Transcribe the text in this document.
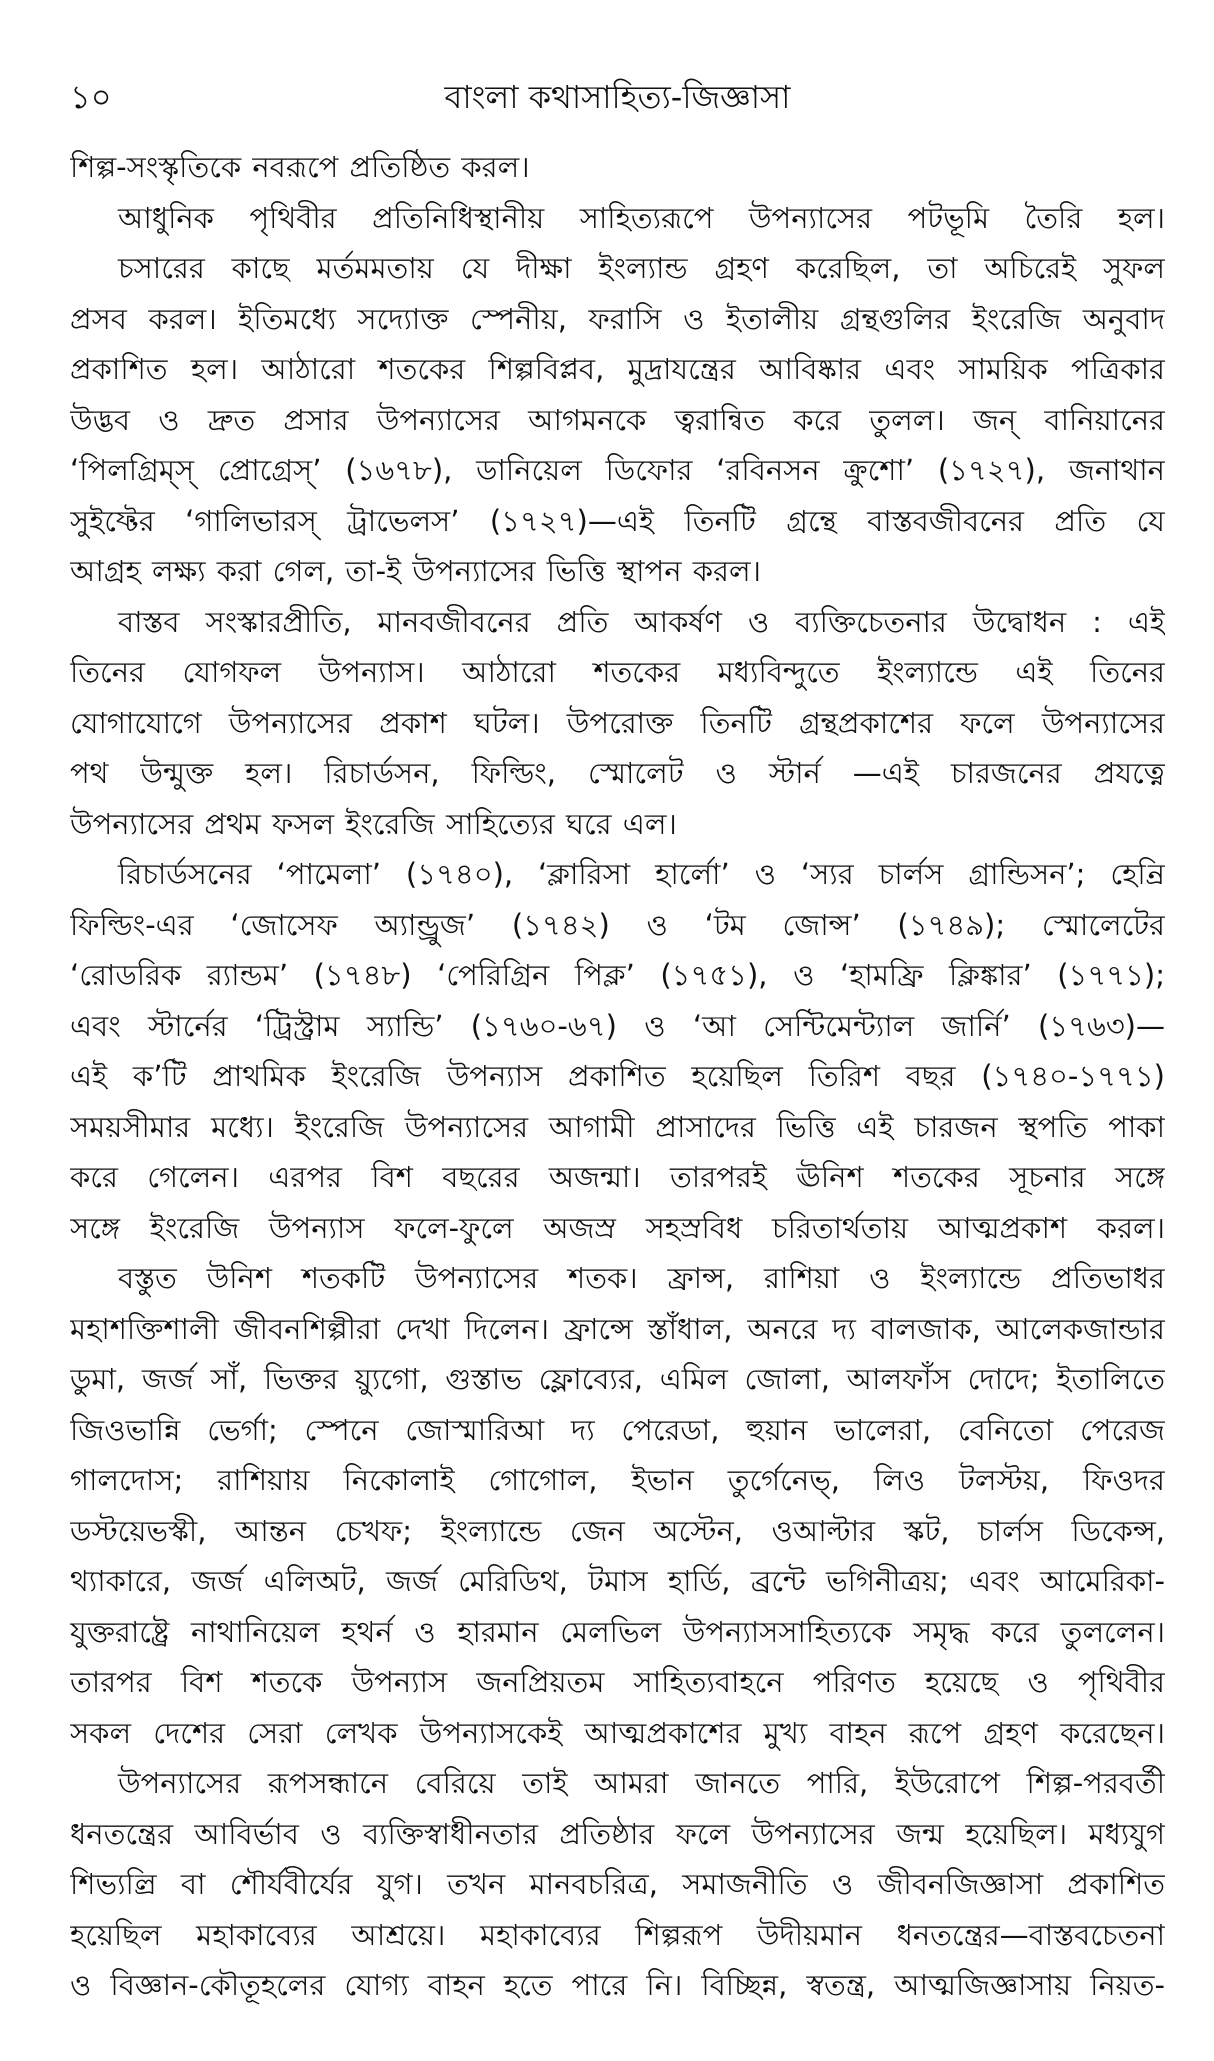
১০	বাংলা কথাসাহিত্য-জিজ্ঞাসা
শিল্প-সংস্কৃতিকে নবরূপে প্রতিষ্ঠিত করল।
আধুনিক পৃথিবীর প্রতিনিধিস্থানীয় সাহিত্যরূপে উপন্যাসের পটভূমি তৈরি হল।
চসারের কাছে মর্তমমতায় যে দীক্ষা ইংল্যান্ড গ্রহণ করেছিল, তা অচিরেই সুফল
প্রসব করল। ইতিমধ্যে সদ্যোক্ত স্পেনীয়, ফরাসি ও ইতালীয় গ্রন্থগুলির ইংরেজি অনুবাদ
প্রকাশিত হল। আঠারো শতকের শিল্পবিপ্লব, মুদ্রাযন্ত্রের আবিষ্কার এবং সাময়িক পত্রিকার
উদ্ভব ও দ্রুত প্রসার উপন্যাসের আগমনকে ত্বরান্বিত করে তুলল। জন্ বানিয়ানের
‘পিলগ্রিম্স্ প্রোগ্রেস্’ (১৬৭৮), ডানিয়েল ডিফোর ‘রবিনসন ক্রুশো’ (১৭২৭), জনাথান
সুইফ্টের ‘গালিভারস্ ট্রাভেলস’ (১৭২৭)—এই তিনটি গ্রন্থে বাস্তবজীবনের প্রতি যে
আগ্রহ লক্ষ্য করা গেল, তা-ই উপন্যাসের ভিত্তি স্থাপন করল।
বাস্তব সংস্কারপ্রীতি, মানবজীবনের প্রতি আকর্ষণ ও ব্যক্তিচেতনার উদ্বোধন : এই
তিনের যোগফল উপন্যাস। আঠারো শতকের মধ্যবিন্দুতে ইংল্যান্ডে এই তিনের
যোগাযোগে উপন্যাসের প্রকাশ ঘটল। উপরোক্ত তিনটি গ্রন্থপ্রকাশের ফলে উপন্যাসের
পথ উন্মুক্ত হল। রিচার্ডসন, ফিল্ডিং, স্মোলেট ও স্টার্ন —এই চারজনের প্রযত্নে
উপন্যাসের প্রথম ফসল ইংরেজি সাহিত্যের ঘরে এল।
রিচার্ডসনের ‘পামেলা’ (১৭৪০), ‘ক্লারিসা হার্লো’ ও ‘স্যর চার্লস গ্রান্ডিসন’; হেন্রি
ফিল্ডিং-এর ‘জোসেফ অ্যান্ড্রুজ’ (১৭৪২) ও ‘টম জোন্স’ (১৭৪৯); স্মোলেটের
‘রোডরিক র‍্যান্ডম’ (১৭৪৮) ‘পেরিগ্রিন পিক্ল’ (১৭৫১), ও ‘হামফ্রি ক্লিঙ্কার’ (১৭৭১);
এবং স্টার্নের ‘ট্রিস্ট্রাম স্যান্ডি’ (১৭৬০-৬৭) ও ‘আ সেন্টিমেন্ট্যাল জার্নি’ (১৭৬৩)—
এই ক’টি প্রাথমিক ইংরেজি উপন্যাস প্রকাশিত হয়েছিল তিরিশ বছর (১৭৪০-১৭৭১)
সময়সীমার মধ্যে। ইংরেজি উপন্যাসের আগামী প্রাসাদের ভিত্তি এই চারজন স্থপতি পাকা
করে গেলেন। এরপর বিশ বছরের অজন্মা। তারপরই ঊনিশ শতকের সূচনার সঙ্গে
সঙ্গে ইংরেজি উপন্যাস ফলে-ফুলে অজস্র সহস্রবিধ চরিতার্থতায় আত্মপ্রকাশ করল।
বস্তুত উনিশ শতকটি উপন্যাসের শতক। ফ্রান্স, রাশিয়া ও ইংল্যান্ডে প্রতিভাধর
মহাশক্তিশালী জীবনশিল্পীরা দেখা দিলেন। ফ্রান্সে স্তাঁধাল, অনরে দ্য বালজাক, আলেকজান্ডার
ডুমা, জর্জ সাঁ, ভিক্তর য়্যুগো, গুস্তাভ ফ্লোব্যের, এমিল জোলা, আলফাঁস দোদে; ইতালিতে
জিওভান্নি ভের্গা; স্পেনে জোস্মারিআ দ্য পেরেডা, হুয়ান ভালেরা, বেনিতো পেরেজ
গালদোস; রাশিয়ায় নিকোলাই গোগোল, ইভান তুর্গেনেভ্, লিও টলস্টয়, ফিওদর
ডস্টয়েভস্কী, আন্তন চেখফ; ইংল্যান্ডে জেন অস্টেন, ওআল্টার স্কট, চার্লস ডিকেন্স,
থ্যাকারে, জর্জ এলিঅট, জর্জ মেরিডিথ, টমাস হার্ডি, ব্রন্টে ভগিনীত্রয়; এবং আমেরিকা-
যুক্তরাষ্ট্রে নাথানিয়েল হথর্ন ও হারমান মেলভিল উপন্যাসসাহিত্যকে সমৃদ্ধ করে তুললেন।
তারপর বিশ শতকে উপন্যাস জনপ্রিয়তম সাহিত্যবাহনে পরিণত হয়েছে ও পৃথিবীর
সকল দেশের সেরা লেখক উপন্যাসকেই আত্মপ্রকাশের মুখ্য বাহন রূপে গ্রহণ করেছেন।
উপন্যাসের রূপসন্ধানে বেরিয়ে তাই আমরা জানতে পারি, ইউরোপে শিল্প-পরবর্তী
ধনতন্ত্রের আবির্ভাব ও ব্যক্তিস্বাধীনতার প্রতিষ্ঠার ফলে উপন্যাসের জন্ম হয়েছিল। মধ্যযুগ
শিভ্যল্রি বা শৌর্যবীর্যের যুগ। তখন মানবচরিত্র, সমাজনীতি ও জীবনজিজ্ঞাসা প্রকাশিত
হয়েছিল মহাকাব্যের আশ্রয়ে। মহাকাব্যের শিল্পরূপ উদীয়মান ধনতন্ত্রের—বাস্তবচেতনা
ও বিজ্ঞান-কৌতূহলের যোগ্য বাহন হতে পারে নি। বিচ্ছিন্ন, স্বতন্ত্র, আত্মজিজ্ঞাসায় নিয়ত-
